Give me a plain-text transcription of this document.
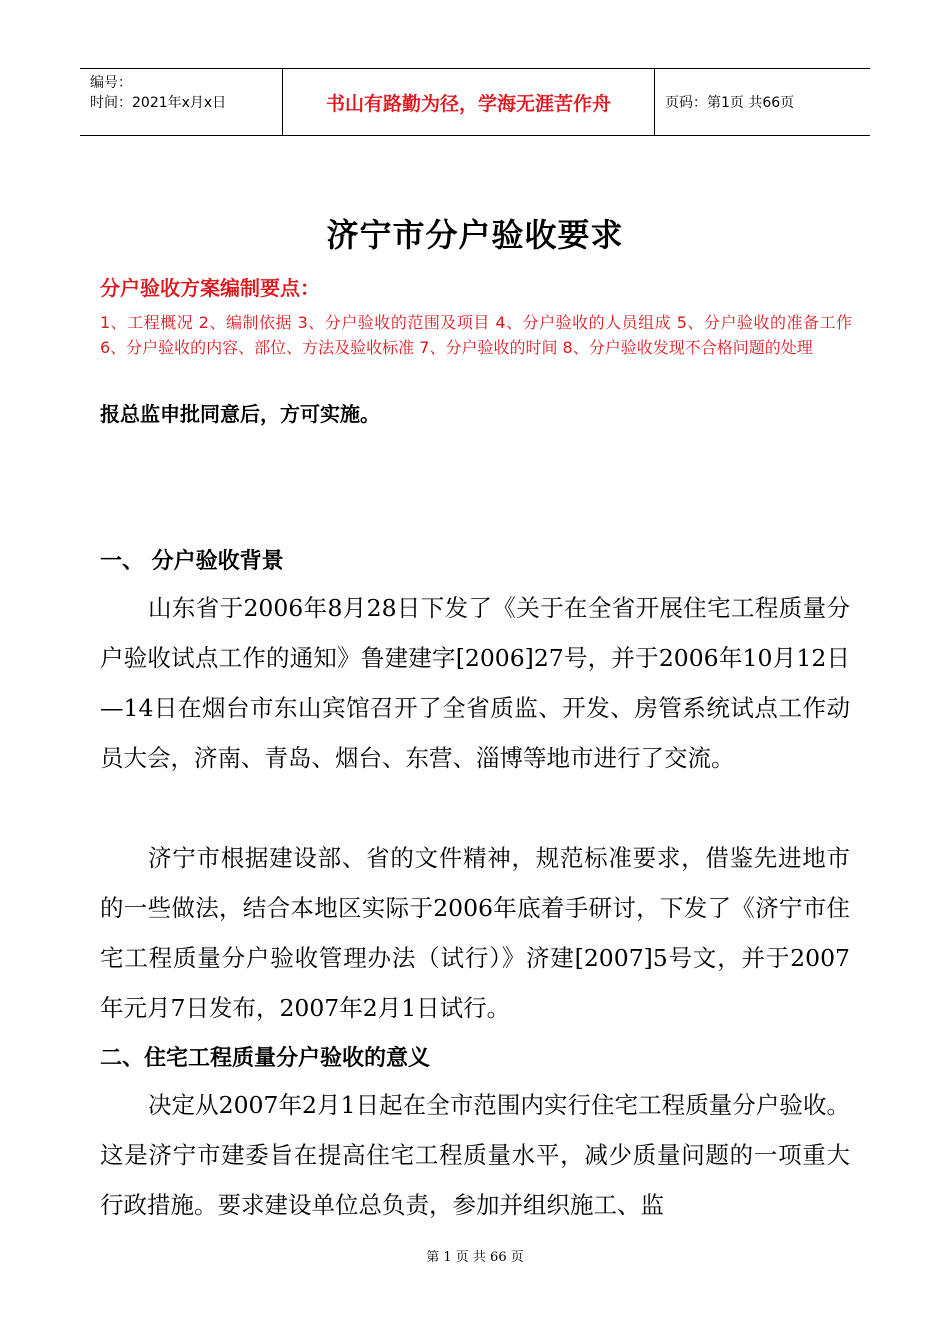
编号：
时间：2021年x月x日	书山有路勤为径，学海无涯苦作舟	页码：第1页 共66页
济宁市分户验收要求
分户验收方案编制要点：
1、工程概况 2、编制依据 3、分户验收的范围及项目 4、分户验收的人员组成 5、分户验收的准备工作 6、分户验收的内容、部位、方法及验收标准 7、分户验收的时间 8、分户验收发现不合格问题的处理
报总监申批同意后，方可实施。
一、 分户验收背景
山东省于2006年8月28日下发了《关于在全省开展住宅工程质量分户验收试点工作的通知》鲁建建字[2006]27号，并于2006年10月12日—14日在烟台市东山宾馆召开了全省质监、开发、房管系统试点工作动员大会，济南、青岛、烟台、东营、淄博等地市进行了交流。
济宁市根据建设部、省的文件精神，规范标准要求，借鉴先进地市的一些做法，结合本地区实际于2006年底着手研讨，下发了《济宁市住宅工程质量分户验收管理办法（试行）》济建[2007]5号文，并于2007年元月7日发布，2007年2月1日试行。
二、住宅工程质量分户验收的意义
决定从2007年2月1日起在全市范围内实行住宅工程质量分户验收。这是济宁市建委旨在提高住宅工程质量水平，减少质量问题的一项重大行政措施。要求建设单位总负责，参加并组织施工、监
第 1 页 共 66 页
